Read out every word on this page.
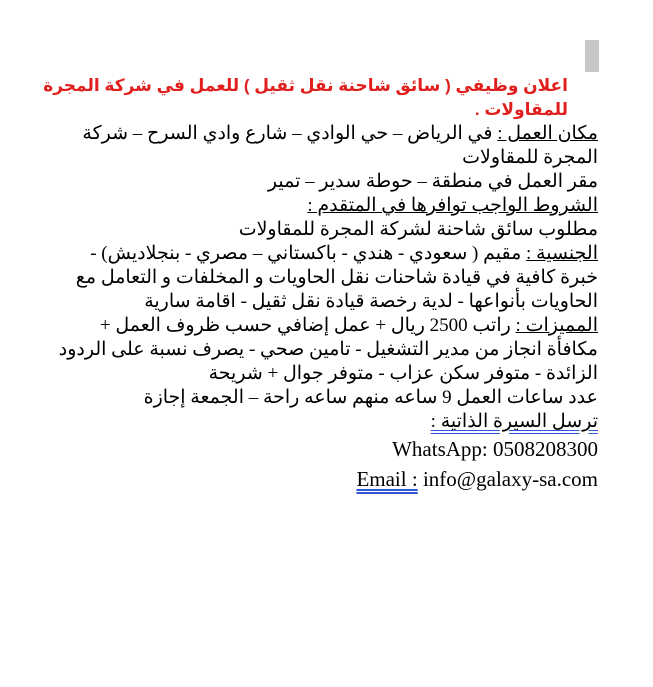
اعلان وظيفي ( سائق شاحنة نقل ثقيل ) للعمل في شركة المجرة
للمقاولات .
مكان العمل : في الرياض – حي الوادي – شارع وادي السرح – شركة
المجرة للمقاولات
مقر العمل في منطقة – حوطة سدير – تمير
الشروط الواجب توافرها في المتقدم :
مطلوب سائق شاحنة لشركة المجرة للمقاولات
الجنسية : مقيم ( سعودي - هندي - باكستاني – مصري - بنجلاديش) -
خبرة كافية في قيادة شاحنات نقل الحاويات و المخلفات و التعامل مع
الحاويات بأنواعها - لدية رخصة قيادة نقل ثقيل - اقامة سارية
المميزات : راتب 2500 ريال + عمل إضافي حسب ظروف العمل +
مكافأة انجاز من مدير التشغيل - تامين صحي - يصرف نسبة على الردود
الزائدة - متوفر سكن عزاب - متوفر جوال + شريحة
عدد ساعات العمل 9 ساعه منهم ساعه راحة – الجمعة إجازة
ترسل السيرة الذاتية :
WhatsApp: 0508208300
Email : info@galaxy-sa.com
